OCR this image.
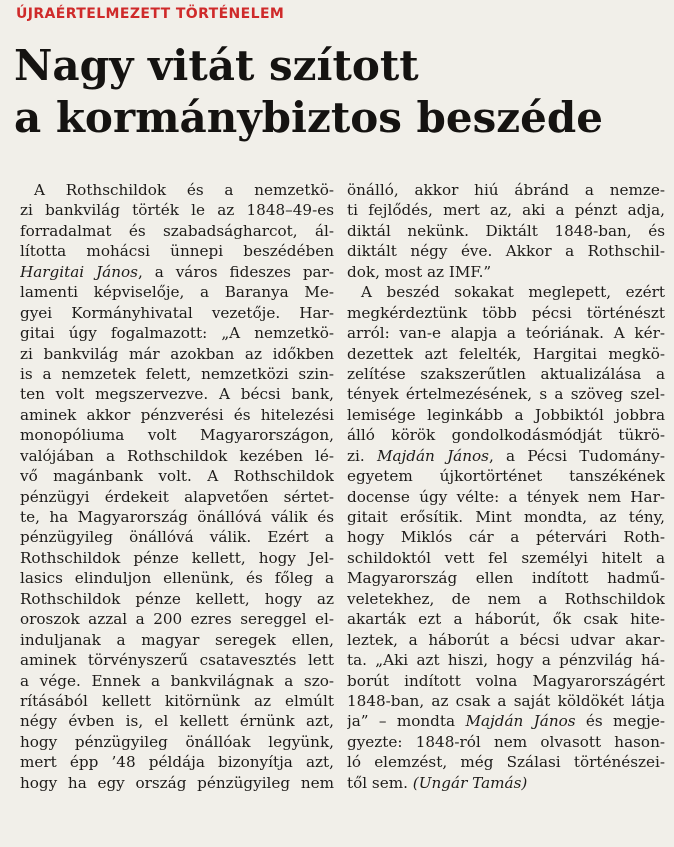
ÚJRAÉRTELMEZETT TÖRTÉNELEM
Nagy vitát szított
a kormánybiztos beszéde
A Rothschildok és a nemzetkö-
zi bankvilág törték le az 1848–49-es
forradalmat és szabadságharcot, ál-
lította mohácsi ünnepi beszédében
Hargitai János, a város fideszes par-
lamenti képviselője, a Baranya Me-
gyei Kormányhivatal vezetője. Har-
gitai úgy fogalmazott: „A nemzetkö-
zi bankvilág már azokban az időkben
is a nemzetek felett, nemzetközi szin-
ten volt megszervezve. A bécsi bank,
aminek akkor pénzverési és hitelezési
monopóliuma volt Magyarországon,
valójában a Rothschildok kezében lé-
vő magánbank volt. A Rothschildok
pénzügyi érdekeit alapvetően sértet-
te, ha Magyarország önállóvá válik és
pénzügyileg önállóvá válik. Ezért a
Rothschildok pénze kellett, hogy Jel-
lasics elinduljon ellenünk, és főleg a
Rothschildok pénze kellett, hogy az
oroszok azzal a 200 ezres sereggel el-
induljanak a magyar seregek ellen,
aminek törvényszerű csatavesztés lett
a vége. Ennek a bankvilágnak a szo-
rításából kellett kitörnünk az elmúlt
négy évben is, el kellett érnünk azt,
hogy pénzügyileg önállóak legyünk,
mert épp ’48 példája bizonyítja azt,
hogy ha egy ország pénzügyileg nem
önálló, akkor hiú ábránd a nemze-
ti fejlődés, mert az, aki a pénzt adja,
diktál nekünk. Diktált 1848-ban, és
diktált négy éve. Akkor a Rothschil-
dok, most az IMF.”
A beszéd sokakat meglepett, ezért
megkérdeztünk több pécsi történészt
arról: van-e alapja a teóriának. A kér-
dezettek azt felelték, Hargitai megkö-
zelítése szakszerűtlen aktualizálása a
tények értelmezésének, s a szöveg szel-
lemisége leginkább a Jobbiktól jobbra
álló körök gondolkodásmódját tükrö-
zi. Majdán János, a Pécsi Tudomány-
egyetem újkortörténet tanszékének
docense úgy vélte: a tények nem Har-
gitait erősítik. Mint mondta, az tény,
hogy Miklós cár a pétervári Roth-
schildoktól vett fel személyi hitelt a
Magyarország ellen indított hadmű-
veletekhez, de nem a Rothschildok
akarták ezt a háborút, ők csak hite-
leztek, a háborút a bécsi udvar akar-
ta. „Aki azt hiszi, hogy a pénzvilág há-
borút indított volna Magyarországért
1848-ban, az csak a saját köldökét látja
ja” – mondta Majdán János és megje-
gyezte: 1848-ról nem olvasott hason-
ló elemzést, még Szálasi történészei-
től sem. (Ungár Tamás)
